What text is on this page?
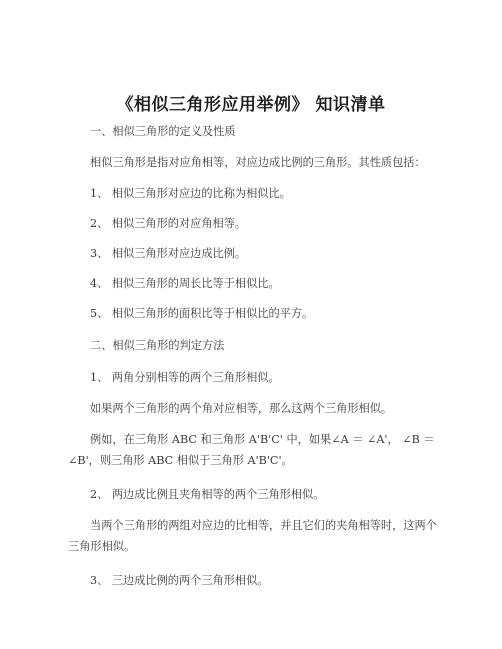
《相似三角形应用举例》 知识清单
一、相似三角形的定义及性质
相似三角形是指对应角相等，对应边成比例的三角形。其性质包括：
1、 相似三角形对应边的比称为相似比。
2、 相似三角形的对应角相等。
3、 相似三角形对应边成比例。
4、 相似三角形的周长比等于相似比。
5、 相似三角形的面积比等于相似比的平方。
二、相似三角形的判定方法
1、 两角分别相等的两个三角形相似。
如果两个三角形的两个角对应相等，那么这两个三角形相似。
例如，在三角形 ABC 和三角形 A'B'C' 中，如果∠A ＝ ∠A'， ∠B ＝ ∠B'，则三角形 ABC 相似于三角形 A'B'C'。
2、 两边成比例且夹角相等的两个三角形相似。
当两个三角形的两组对应边的比相等，并且它们的夹角相等时，这两个三角形相似。
3、 三边成比例的两个三角形相似。
